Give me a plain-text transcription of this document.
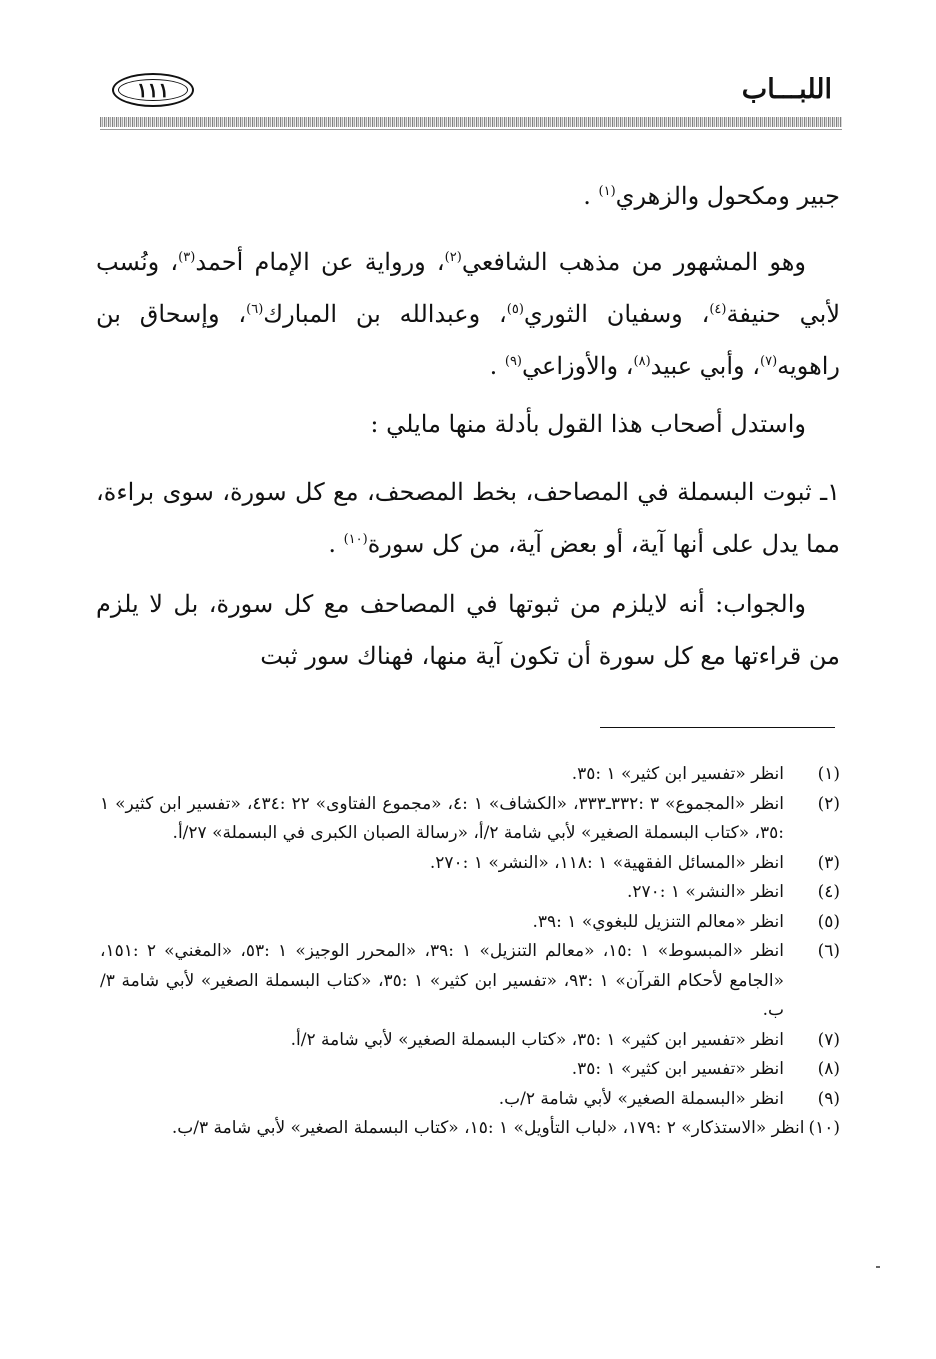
اللبـــاب
١١١

جبير ومكحول والزهري$^{(١)}$ .

وهو المشهور من مذهب الشافعي$^{(٢)}$، ورواية عن الإمام أحمد$^{(٣)}$، ونُسب لأبي حنيفة$^{(٤)}$، وسفيان الثوري$^{(٥)}$، وعبدالله بن المبارك$^{(٦)}$، وإسحاق بن راهويه$^{(٧)}$، وأبي عبيد$^{(٨)}$، والأوزاعي$^{(٩)}$ .

واستدل أصحاب هذا القول بأدلة منها مايلي :

١ـ ثبوت البسملة في المصاحف، بخط المصحف، مع كل سورة، سوى براءة، مما يدل على أنها آية، أو بعض آية، من كل سورة$^{(١٠)}$ .

والجواب: أنه لايلزم من ثبوتها في المصاحف مع كل سورة، بل لا يلزم من قراءتها مع كل سورة أن تكون آية منها، فهناك سور ثبت

(١)
انظر «تفسير ابن كثير» ١ :٣٥.
(٢)
انظر «المجموع» ٣ :٣٣٢ـ٣٣٣، «الكشاف» ١ :٤، «مجموع الفتاوى» ٢٢ :٤٣٤، «تفسير ابن كثير» ١ :٣٥، «كتاب البسملة الصغير» لأبي شامة ٢/أ، «رسالة الصبان الكبرى في البسملة» ٢٧/أ.
(٣)
انظر «المسائل الفقهية» ١ :١١٨، «النشر» ١ :٢٧٠.
(٤)
انظر «النشر» ١ :٢٧٠.
(٥)
انظر «معالم التنزيل للبغوي» ١ :٣٩.
(٦)
انظر «المبسوط» ١ :١٥، «معالم التنزيل» ١ :٣٩، «المحرر الوجيز» ١ :٥٣، «المغني» ٢ :١٥١، «الجامع لأحكام القرآن» ١ :٩٣، «تفسير ابن كثير» ١ :٣٥، «كتاب البسملة الصغير» لأبي شامة ٣/ب.
(٧)
انظر «تفسير ابن كثير» ١ :٣٥، «كتاب البسملة الصغير» لأبي شامة ٢/أ.
(٨)
انظر «تفسير ابن كثير» ١ :٣٥.
(٩)
انظر «البسملة الصغير» لأبي شامة ٢/ب.
(١٠)انظر «الاستذكار» ٢ :١٧٩، «لباب التأويل» ١ :١٥، «كتاب البسملة الصغير» لأبي شامة ٣/ب.
